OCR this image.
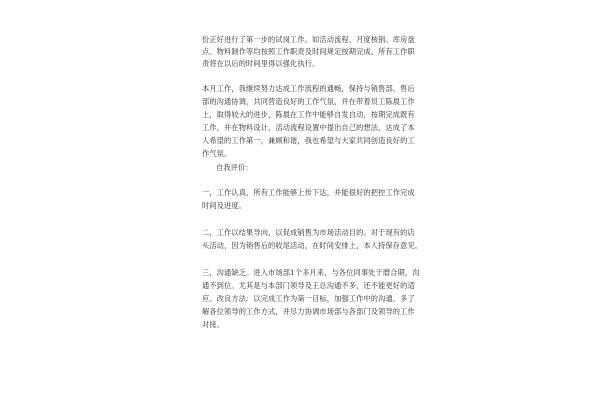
份正好进行了第一步的试岗工作。如活动流程、月度核销、库房盘
点、物料制作等均按照工作职责及时间规定按期完成。所有工作职
责将在以后的时间里得以强化执行。
本月工作，我继续努力达成工作流程的通畅，保持与销售部、售后
部的沟通协调，共同营造良好的工作气氛，并在带着员工陈晨工作
上，取得较大的进步，陈晨在工作中能够自发自动，按期完成既有
工作，并在物料设计、活动流程设置中提出自己的想法，达成了本
人希望的工作第一，兼顾和谐，我也希望与大家共同创造良好的工
作气氛。
自我评价：
一，工作认真，所有工作能够上传下达，并能很好的把控工作完成
时间及进度。
二，工作以结果导向，以促成销售为市场活动目的。对于现有的店
头活动，因为销售后的收尾活动，在时间安排上，本人持保存意见。
三，沟通缺乏。进入市场部1个多月来，与各位同事处于磨合期，沟
通不到位。尤其是与本部门领导及王总沟通不多，还不能更好的适
应。改良方法：以完成工作为第一目标，加强工作中的沟通，多了
解各位领导的工作方式，并尽力协调市场部与各部门及领导的工作
对接。
